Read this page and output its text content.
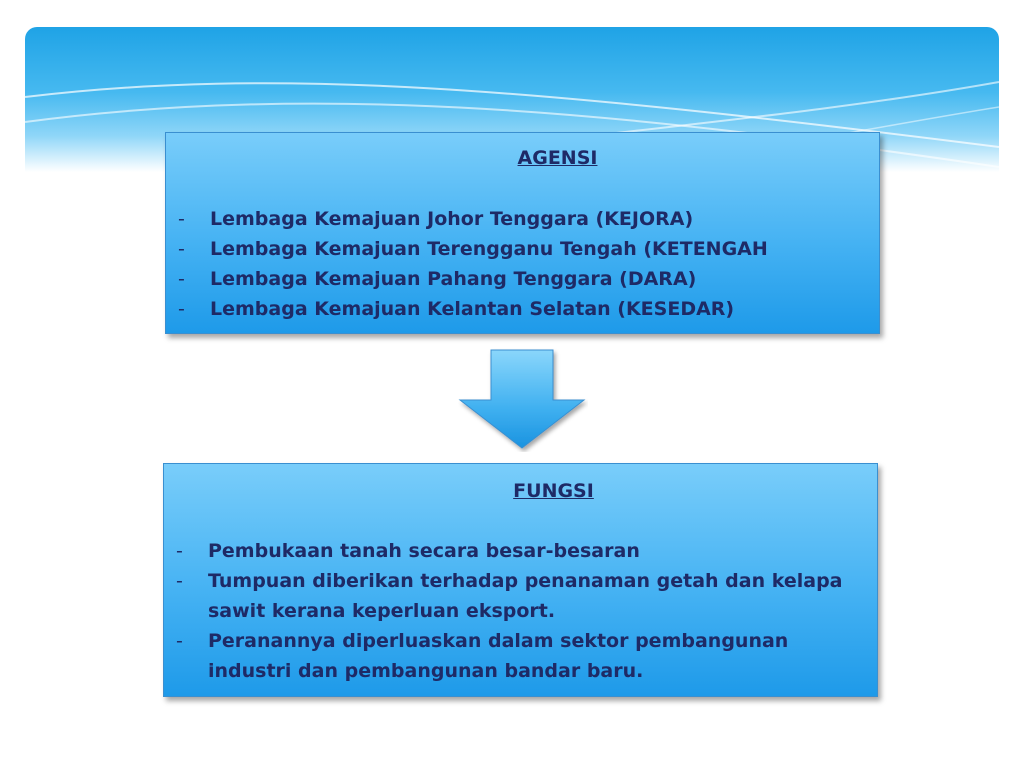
AGENSI
- Lembaga Kemajuan Johor Tenggara (KEJORA)
- Lembaga Kemajuan Terengganu Tengah (KETENGAH
- Lembaga Kemajuan Pahang Tenggara (DARA)
- Lembaga Kemajuan Kelantan Selatan (KESEDAR)
FUNGSI
- Pembukaan tanah secara besar-besaran
- Tumpuan diberikan terhadap penanaman getah dan kelapa sawit kerana keperluan eksport.
- Peranannya diperluaskan dalam sektor pembangunan industri dan pembangunan bandar baru.
